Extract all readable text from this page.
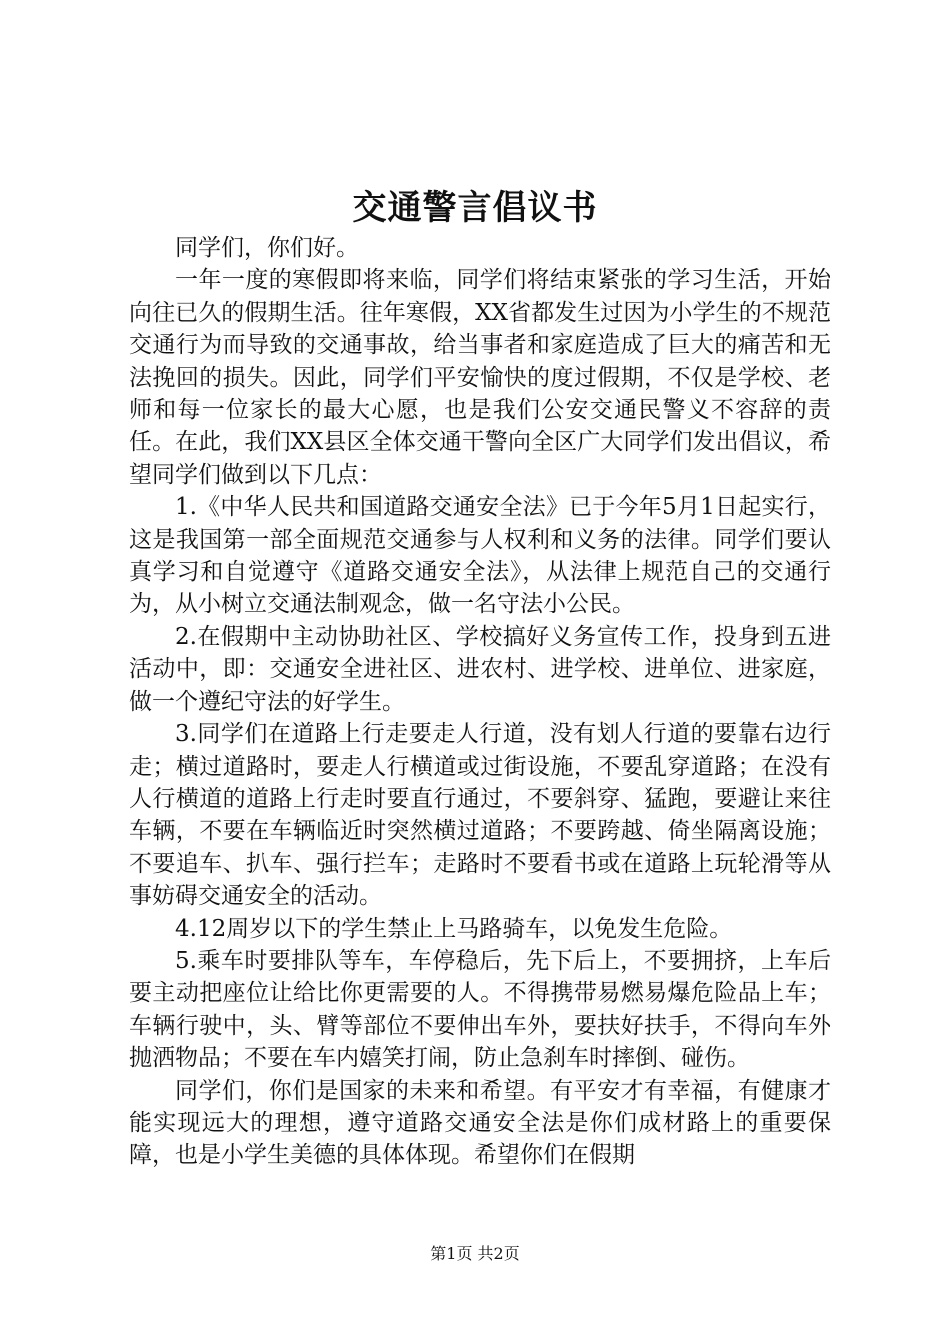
交通警言倡议书

同学们，你们好。

一年一度的寒假即将来临，同学们将结束紧张的学习生活，开始向往已久的假期生活。往年寒假，XX省都发生过因为小学生的不规范交通行为而导致的交通事故，给当事者和家庭造成了巨大的痛苦和无法挽回的损失。因此，同学们平安愉快的度过假期，不仅是学校、老师和每一位家长的最大心愿，也是我们公安交通民警义不容辞的责任。在此，我们XX县区全体交通干警向全区广大同学们发出倡议，希望同学们做到以下几点：

1.《中华人民共和国道路交通安全法》已于今年5月1日起实行，这是我国第一部全面规范交通参与人权利和义务的法律。同学们要认真学习和自觉遵守《道路交通安全法》，从法律上规范自己的交通行为，从小树立交通法制观念，做一名守法小公民。

2.在假期中主动协助社区、学校搞好义务宣传工作，投身到五进活动中，即：交通安全进社区、进农村、进学校、进单位、进家庭，做一个遵纪守法的好学生。

3.同学们在道路上行走要走人行道，没有划人行道的要靠右边行走；横过道路时，要走人行横道或过街设施，不要乱穿道路；在没有人行横道的道路上行走时要直行通过，不要斜穿、猛跑，要避让来往车辆，不要在车辆临近时突然横过道路；不要跨越、倚坐隔离设施；不要追车、扒车、强行拦车；走路时不要看书或在道路上玩轮滑等从事妨碍交通安全的活动。

4.12周岁以下的学生禁止上马路骑车，以免发生危险。

5.乘车时要排队等车，车停稳后，先下后上，不要拥挤，上车后要主动把座位让给比你更需要的人。不得携带易燃易爆危险品上车；车辆行驶中，头、臂等部位不要伸出车外，要扶好扶手，不得向车外抛洒物品；不要在车内嬉笑打闹，防止急刹车时摔倒、碰伤。

同学们，你们是国家的未来和希望。有平安才有幸福，有健康才能实现远大的理想，遵守道路交通安全法是你们成材路上的重要保障，也是小学生美德的具体体现。希望你们在假期

第1页 共2页
